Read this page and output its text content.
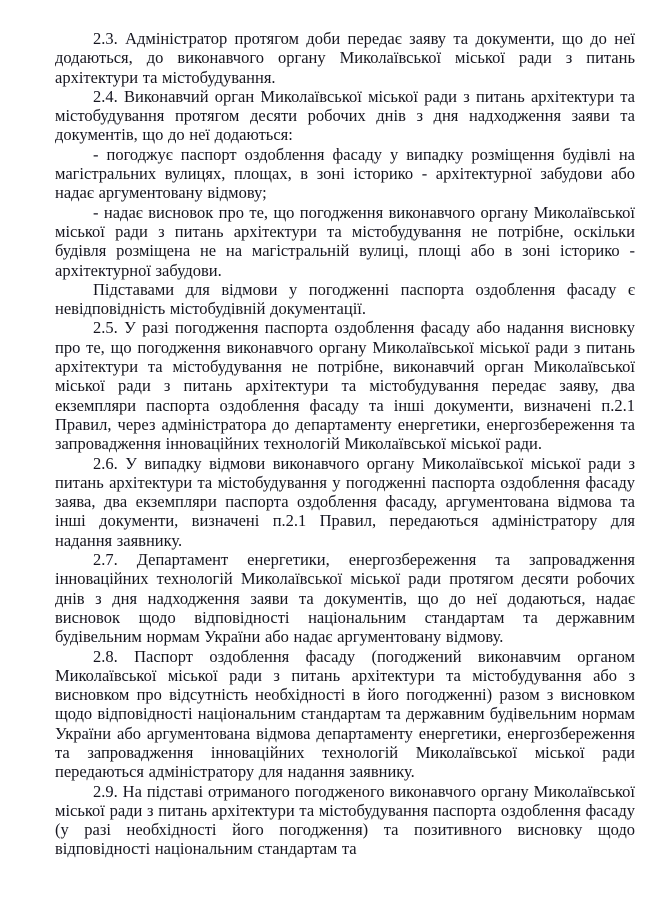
2.3. Адміністратор протягом доби передає заяву та документи, що до неї додаються, до виконавчого органу Миколаївської міської ради з питань архітектури та містобудування.

2.4. Виконавчий орган Миколаївської міської ради з питань архітектури та містобудування протягом десяти робочих днів з дня надходження заяви та документів, що до неї додаються:

- погоджує паспорт оздоблення фасаду у випадку розміщення будівлі на магістральних вулицях, площах, в зоні історико - архітектурної забудови або надає аргументовану відмову;

- надає висновок про те, що погодження виконавчого органу Миколаївської міської ради з питань архітектури та містобудування не потрібне, оскільки будівля розміщена не на магістральній вулиці, площі або в зоні історико - архітектурної забудови.

Підставами для відмови у погодженні паспорта оздоблення фасаду є невідповідність містобудівній документації.

2.5. У разі погодження паспорта оздоблення фасаду або надання висновку про те, що погодження виконавчого органу Миколаївської міської ради з питань архітектури та містобудування не потрібне, виконавчий орган Миколаївської міської ради з питань архітектури та містобудування передає заяву, два екземпляри паспорта оздоблення фасаду та інші документи, визначені п.2.1 Правил, через адміністратора до департаменту енергетики, енергозбереження та запровадження інноваційних технологій Миколаївської міської ради.

2.6. У випадку відмови виконавчого органу Миколаївської міської ради з питань архітектури та містобудування у погодженні паспорта оздоблення фасаду заява, два екземпляри паспорта оздоблення фасаду, аргументована відмова та інші документи, визначені п.2.1 Правил, передаються адміністратору для надання заявнику.

2.7. Департамент енергетики, енергозбереження та запровадження інноваційних технологій Миколаївської міської ради протягом десяти робочих днів з дня надходження заяви та документів, що до неї додаються, надає висновок щодо відповідності національним стандартам та державним будівельним нормам України або надає аргументовану відмову.

2.8. Паспорт оздоблення фасаду (погоджений виконавчим органом Миколаївської міської ради з питань архітектури та містобудування або з висновком про відсутність необхідності в його погодженні) разом з висновком щодо відповідності національним стандартам та державним будівельним нормам України або аргументована відмова департаменту енергетики, енергозбереження та запровадження інноваційних технологій Миколаївської міської ради передаються адміністратору для надання заявнику.

2.9. На підставі отриманого погодженого виконавчого органу Миколаївської міської ради з питань архітектури та містобудування паспорта оздоблення фасаду (у разі необхідності його погодження) та позитивного висновку щодо відповідності національним стандартам та
